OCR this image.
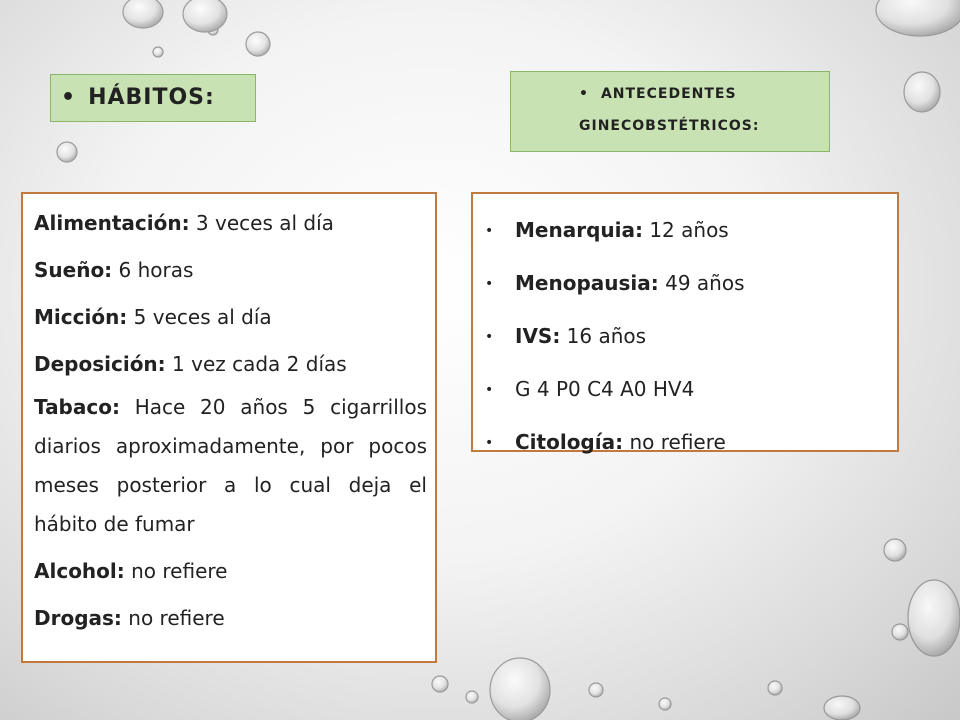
• HÁBITOS:	• ANTECEDENTES
GINECOBSTÉTRICOS:
Alimentación: 3 veces al día
Sueño: 6 horas
Micción: 5 veces al día
Deposición: 1 vez cada 2 días
Tabaco: Hace 20 años 5 cigarrillos diarios aproximadamente, por pocos meses posterior a lo cual deja el hábito de fumar
Alcohol: no refiere
Drogas: no refiere
• Menarquia: 12 años
• Menopausia: 49 años
• IVS: 16 años
• G 4 P0 C4 A0 HV4
• Citología: no refiere
